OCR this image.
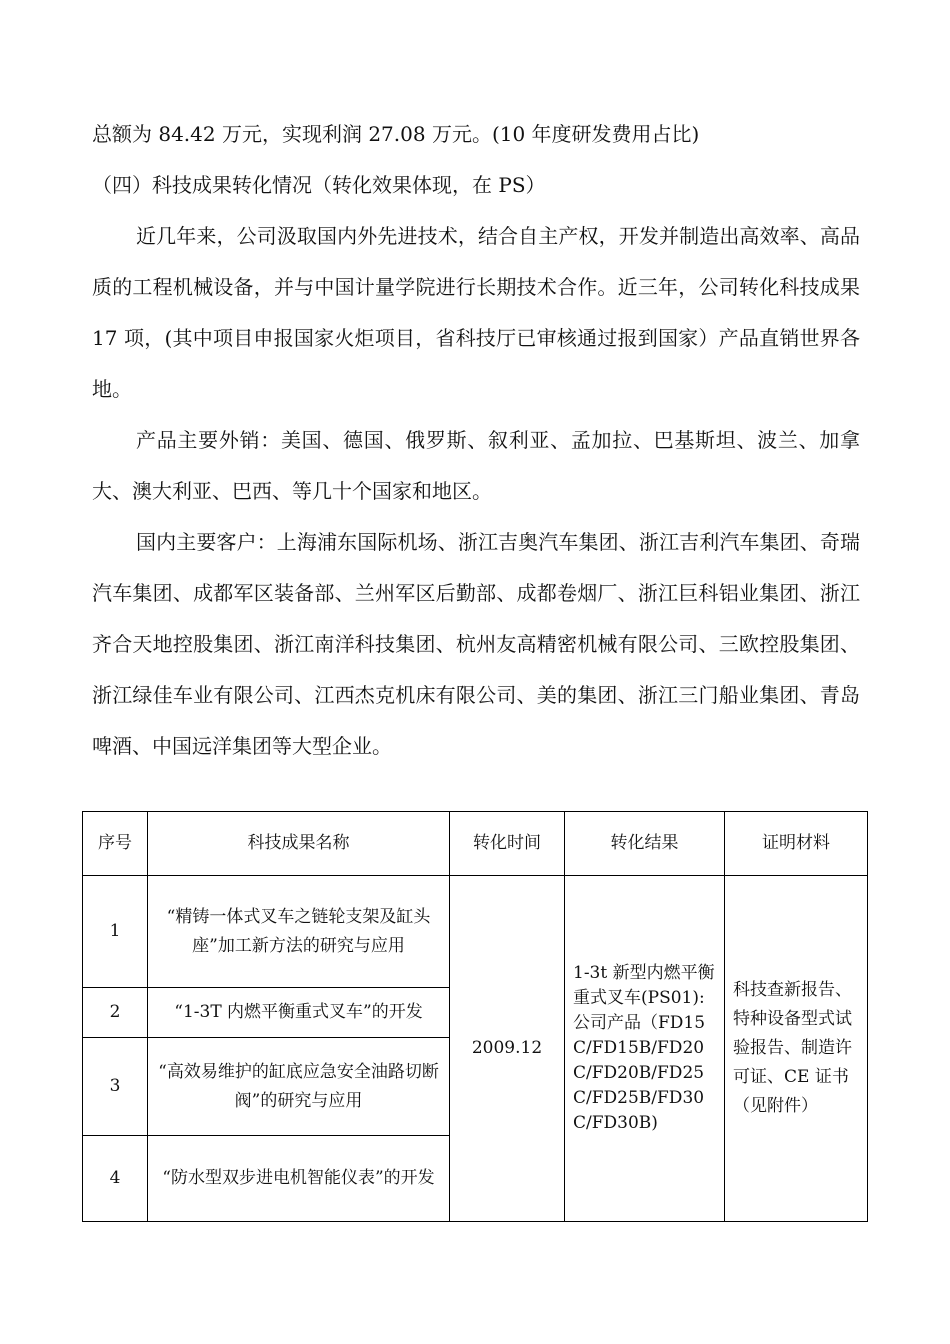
总额为 84.42 万元，实现利润 27.08 万元。(10 年度研发费用占比)

（四）科技成果转化情况（转化效果体现，在 PS）

近几年来，公司汲取国内外先进技术，结合自主产权，开发并制造出高效率、高品质的工程机械设备，并与中国计量学院进行长期技术合作。近三年，公司转化科技成果 17 项，(其中项目申报国家火炬项目，省科技厅已审核通过报到国家）产品直销世界各地。

产品主要外销：美国、德国、俄罗斯、叙利亚、孟加拉、巴基斯坦、波兰、加拿大、澳大利亚、巴西、等几十个国家和地区。

国内主要客户：上海浦东国际机场、浙江吉奥汽车集团、浙江吉利汽车集团、奇瑞汽车集团、成都军区装备部、兰州军区后勤部、成都卷烟厂、浙江巨科铝业集团、浙江齐合天地控股集团、浙江南洋科技集团、杭州友高精密机械有限公司、三欧控股集团、浙江绿佳车业有限公司、江西杰克机床有限公司、美的集团、浙江三门船业集团、青岛啤酒、中国远洋集团等大型企业。

序号	科技成果名称	转化时间	转化结果	证明材料
1	“精铸一体式叉车之链轮支架及缸头座”加工新方法的研究与应用	2009.12	1-3t 新型内燃平衡重式叉车(PS01):公司产品（FD15C/FD15B/FD20C/FD20B/FD25C/FD25B/FD30C/FD30B)	科技查新报告、特种设备型式试验报告、制造许可证、CE 证书（见附件）
2	“1-3T 内燃平衡重式叉车”的开发			
3	“高效易维护的缸底应急安全油路切断阀”的研究与应用			
4	“防水型双步进电机智能仪表”的开发			
